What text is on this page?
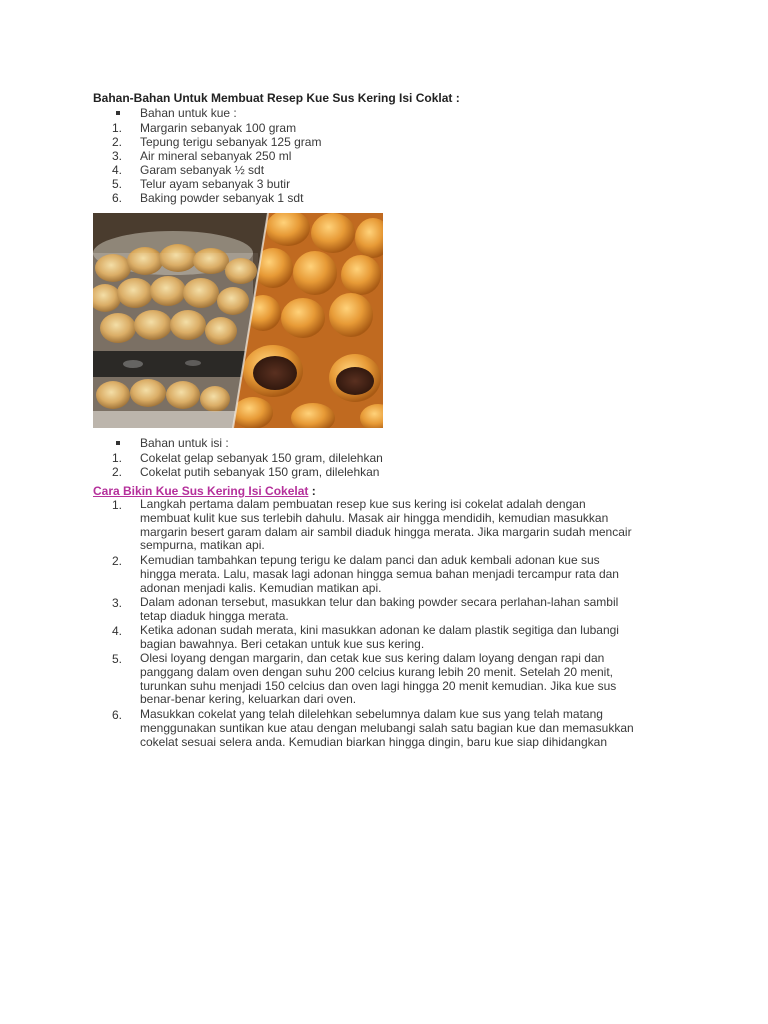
Bahan-Bahan Untuk Membuat Resep Kue Sus Kering Isi Coklat :
Bahan untuk kue :
1.	Margarin sebanyak 100 gram
2.	Tepung terigu sebanyak 125 gram
3.	Air mineral sebanyak 250 ml
4.	Garam sebanyak ½ sdt
5.	Telur ayam sebanyak 3 butir
6.	Baking powder sebanyak 1 sdt
Bahan untuk isi :
1.	Cokelat gelap sebanyak 150 gram, dilelehkan
2.	Cokelat putih sebanyak 150 gram, dilelehkan
Cara Bikin Kue Sus Kering Isi Cokelat :
1.	Langkah pertama dalam pembuatan resep kue sus kering isi cokelat adalah dengan
membuat kulit kue sus terlebih dahulu. Masak air hingga mendidih, kemudian masukkan
margarin besert garam dalam air sambil diaduk hingga merata. Jika margarin sudah mencair
sempurna, matikan api.
2.	Kemudian tambahkan tepung terigu ke dalam panci dan aduk kembali adonan kue sus
hingga merata. Lalu, masak lagi adonan hingga semua bahan menjadi tercampur rata dan
adonan menjadi kalis. Kemudian matikan api.
3.	Dalam adonan tersebut, masukkan telur dan baking powder secara perlahan-lahan sambil
tetap diaduk hingga merata.
4.	Ketika adonan sudah merata, kini masukkan adonan ke dalam plastik segitiga dan lubangi
bagian bawahnya. Beri cetakan untuk kue sus kering.
5.	Olesi loyang dengan margarin, dan cetak kue sus kering dalam loyang dengan rapi dan
panggang dalam oven dengan suhu 200 celcius kurang lebih 20 menit. Setelah 20 menit,
turunkan suhu menjadi 150 celcius dan oven lagi hingga 20 menit kemudian. Jika kue sus
benar-benar kering, keluarkan dari oven.
6.	Masukkan cokelat yang telah dilelehkan sebelumnya dalam kue sus yang telah matang
menggunakan suntikan kue atau dengan melubangi salah satu bagian kue dan memasukkan
cokelat sesuai selera anda. Kemudian biarkan hingga dingin, baru kue siap dihidangkan
